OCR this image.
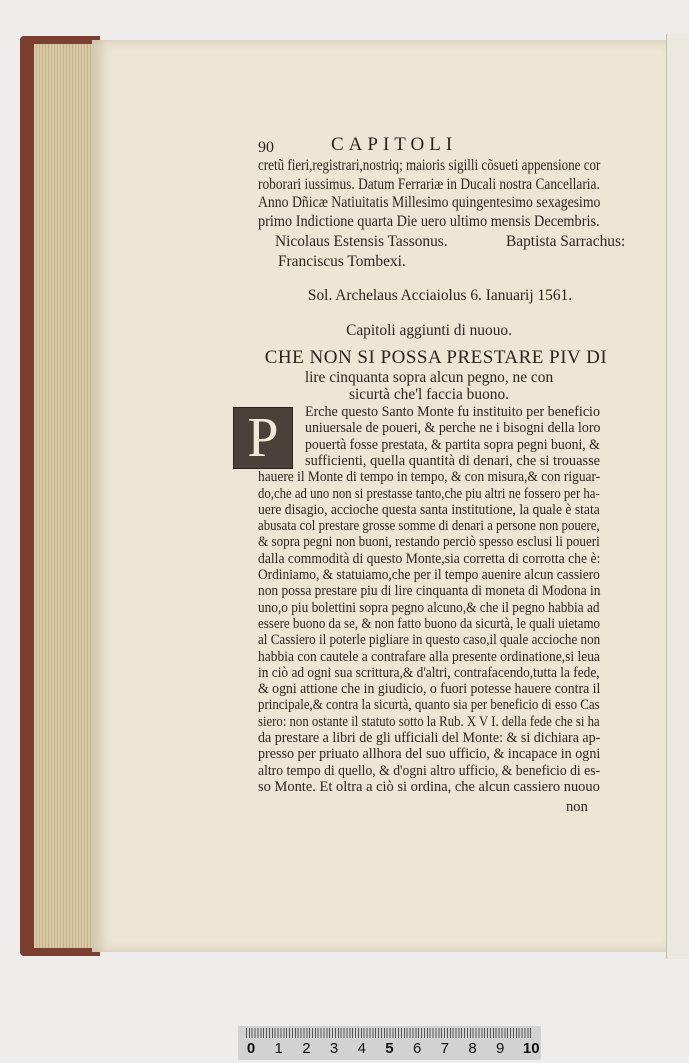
90	CAPITOLI
cretũ fieri,registrari,nostriq; maioris sigilli cõsueti appensione cor
roborari iussimus. Datum Ferrariæ in Ducali nostra Cancellaria.
Anno Dñicæ Natiuitatis Millesimo quingentesimo sexagesimo
primo Indictione quarta Die uero ultimo mensis Decembris.
Nicolaus Estensis Tassonus.	Baptista Sarrachus:
Franciscus Tombexi.
Sol. Archelaus Acciaiolus 6. Ianuarij 1561.
Capitoli aggiunti di nuouo.
CHE NON SI POSSA PRESTARE PIV DI
lire cinquanta sopra alcun pegno, ne con
sicurtà che'l faccia buono.
P Erche questo Santo Monte fu instituito per beneficio
uniuersale de poueri, & perche ne i bisogni della loro
pouertà fosse prestata, & partita sopra pegni buoni, &
sufficienti, quella quantità di denari, che si trouasse
hauere il Monte di tempo in tempo, & con misura,& con riguar-
do,che ad uno non si prestasse tanto,che piu altri ne fossero per ha-
uere disagio, accioche questa santa institutione, la quale è stata
abusata col prestare grosse somme di denari a persone non pouere,
& sopra pegni non buoni, restando perciò spesso esclusi li poueri
dalla commodità di questo Monte,sia corretta di corrotta che è:
Ordiniamo, & statuiamo,che per il tempo auenire alcun cassiero
non possa prestare piu di lire cinquanta di moneta di Modona in
uno,o piu bolettini sopra pegno alcuno,& che il pegno habbia ad
essere buono da se, & non fatto buono da sicurtà, le quali uietamo
al Cassiero il poterle pigliare in questo caso,il quale accioche non
habbia con cautele a contrafare alla presente ordinatione,si leua
in ciò ad ogni sua scrittura,& d'altri, contrafacendo,tutta la fede,
& ogni attione che in giudicio, o fuori potesse hauere contra il
principale,& contra la sicurtà, quanto sia per beneficio di esso Cas
siero: non ostante il statuto sotto la Rub. X V I. della fede che si ha
da prestare a libri de gli ufficiali del Monte: & si dichiara ap-
presso per priuato allhora del suo ufficio, & incapace in ogni
altro tempo di quello, & d'ogni altro ufficio, & beneficio di es-
so Monte. Et oltra a ciò si ordina, che alcun cassiero nuouo
non
0 1 2 3 4 5 6 7 8 9 10
